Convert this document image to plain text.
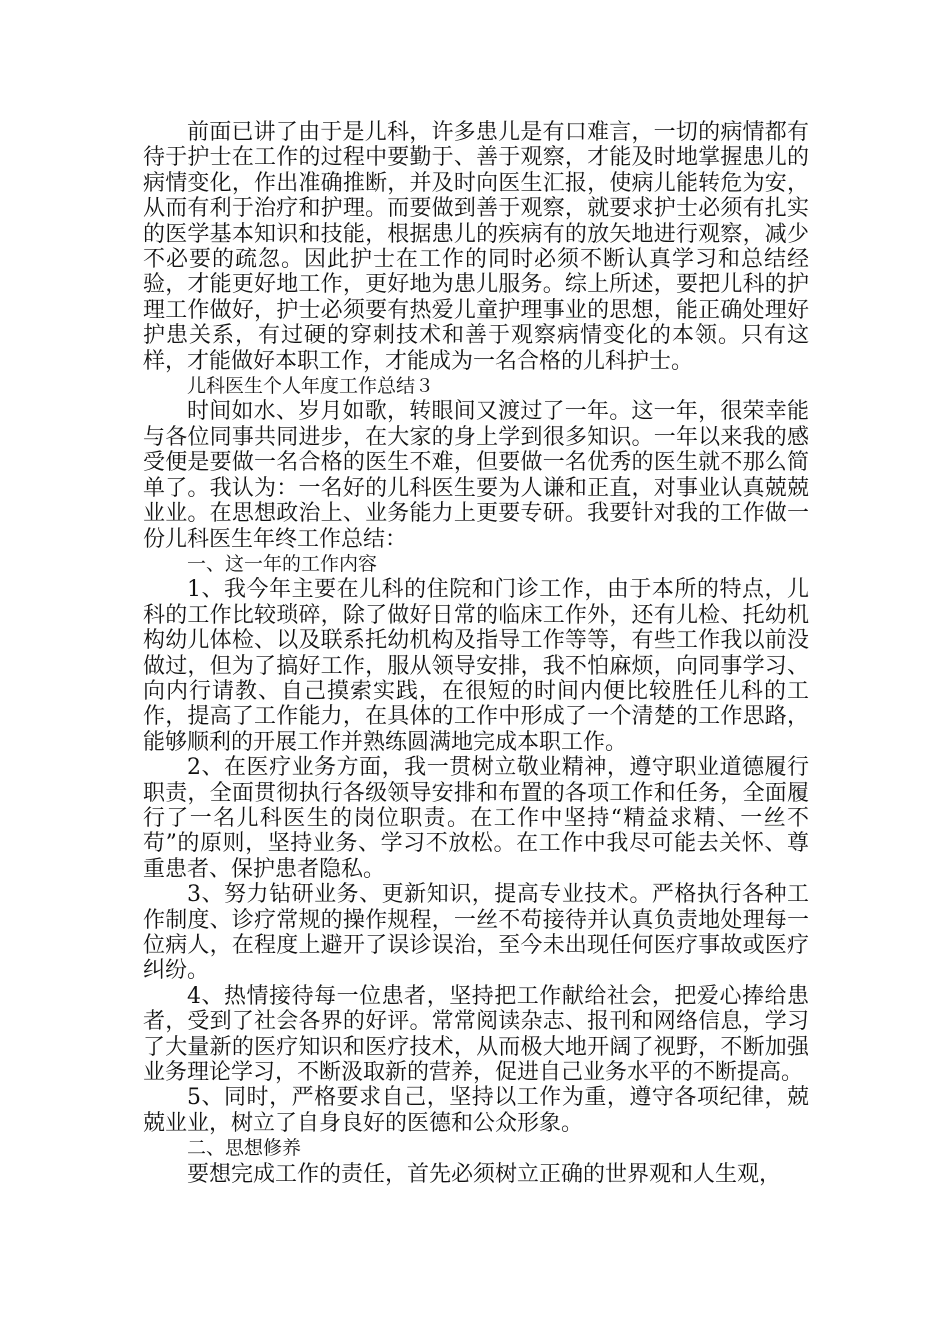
前面已讲了由于是儿科，许多患儿是有口难言，一切的病情都有待于护士在工作的过程中要勤于、善于观察，才能及时地掌握患儿的病情变化，作出准确推断，并及时向医生汇报，使病儿能转危为安，从而有利于治疗和护理。而要做到善于观察，就要求护士必须有扎实的医学基本知识和技能，根据患儿的疾病有的放矢地进行观察，减少不必要的疏忽。因此护士在工作的同时必须不断认真学习和总结经验，才能更好地工作，更好地为患儿服务。综上所述，要把儿科的护理工作做好，护士必须要有热爱儿童护理事业的思想，能正确处理好护患关系，有过硬的穿刺技术和善于观察病情变化的本领。只有这样，才能做好本职工作，才能成为一名合格的儿科护士。

儿科医生个人年度工作总结３

时间如水、岁月如歌，转眼间又渡过了一年。这一年，很荣幸能与各位同事共同进步，在大家的身上学到很多知识。一年以来我的感受便是要做一名合格的医生不难，但要做一名优秀的医生就不那么简单了。我认为：一名好的儿科医生要为人谦和正直，对事业认真兢兢业业。在思想政治上、业务能力上更要专研。我要针对我的工作做一份儿科医生年终工作总结：

一、这一年的工作内容

1、我今年主要在儿科的住院和门诊工作，由于本所的特点，儿科的工作比较琐碎，除了做好日常的临床工作外，还有儿检、托幼机构幼儿体检、以及联系托幼机构及指导工作等等，有些工作我以前没做过，但为了搞好工作，服从领导安排，我不怕麻烦，向同事学习、向内行请教、自己摸索实践，在很短的时间内便比较胜任儿科的工作，提高了工作能力，在具体的工作中形成了一个清楚的工作思路，能够顺利的开展工作并熟练圆满地完成本职工作。

2、在医疗业务方面，我一贯树立敬业精神，遵守职业道德履行职责，全面贯彻执行各级领导安排和布置的各项工作和任务，全面履行了一名儿科医生的岗位职责。在工作中坚持“精益求精、一丝不苟”的原则，坚持业务、学习不放松。在工作中我尽可能去关怀、尊重患者、保护患者隐私。

3、努力钻研业务、更新知识，提高专业技术。严格执行各种工作制度、诊疗常规的操作规程，一丝不苟接待并认真负责地处理每一位病人，在程度上避开了误诊误治，至今未出现任何医疗事故或医疗纠纷。

4、热情接待每一位患者，坚持把工作献给社会，把爱心捧给患者，受到了社会各界的好评。常常阅读杂志、报刊和网络信息，学习了大量新的医疗知识和医疗技术，从而极大地开阔了视野，不断加强业务理论学习，不断汲取新的营养，促进自己业务水平的不断提高。

5、同时，严格要求自己，坚持以工作为重，遵守各项纪律，兢兢业业，树立了自身良好的医德和公众形象。

二、思想修养

要想完成工作的责任，首先必须树立正确的世界观和人生观，
